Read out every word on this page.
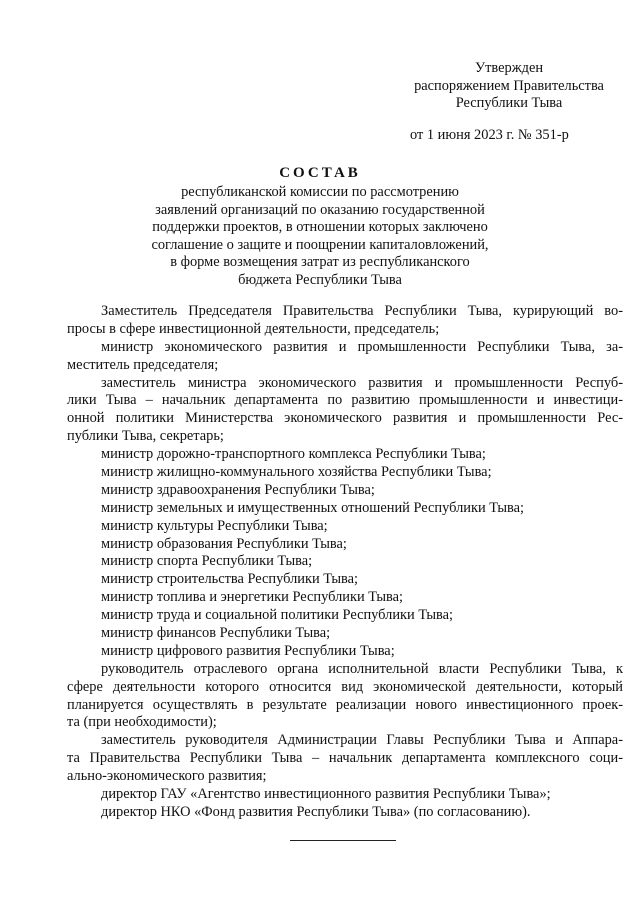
Утвержден
распоряжением Правительства
Республики Тыва
от 1 июня 2023 г. № 351-р
СОСТАВ
республиканской комиссии по рассмотрению
заявлений организаций по оказанию государственной
поддержки проектов, в отношении которых заключено
соглашение о защите и поощрении капиталовложений,
в форме возмещения затрат из республиканского
бюджета Республики Тыва
Заместитель Председателя Правительства Республики Тыва, курирующий во-
просы в сфере инвестиционной деятельности, председатель;
министр экономического развития и промышленности Республики Тыва, за-
меститель председателя;
заместитель министра экономического развития и промышленности Респуб-
лики Тыва – начальник департамента по развитию промышленности и инвестици-
онной политики Министерства экономического развития и промышленности Рес-
публики Тыва, секретарь;
министр дорожно-транспортного комплекса Республики Тыва;
министр жилищно-коммунального хозяйства Республики Тыва;
министр здравоохранения Республики Тыва;
министр земельных и имущественных отношений Республики Тыва;
министр культуры Республики Тыва;
министр образования Республики Тыва;
министр спорта Республики Тыва;
министр строительства Республики Тыва;
министр топлива и энергетики Республики Тыва;
министр труда и социальной политики Республики Тыва;
министр финансов Республики Тыва;
министр цифрового развития Республики Тыва;
руководитель отраслевого органа исполнительной власти Республики Тыва, к
сфере деятельности которого относится вид экономической деятельности, который
планируется осуществлять в результате реализации нового инвестиционного проек-
та (при необходимости);
заместитель руководителя Администрации Главы Республики Тыва и Аппара-
та Правительства Республики Тыва – начальник департамента комплексного соци-
ально-экономического развития;
директор ГАУ «Агентство инвестиционного развития Республики Тыва»;
директор НКО «Фонд развития Республики Тыва» (по согласованию).
